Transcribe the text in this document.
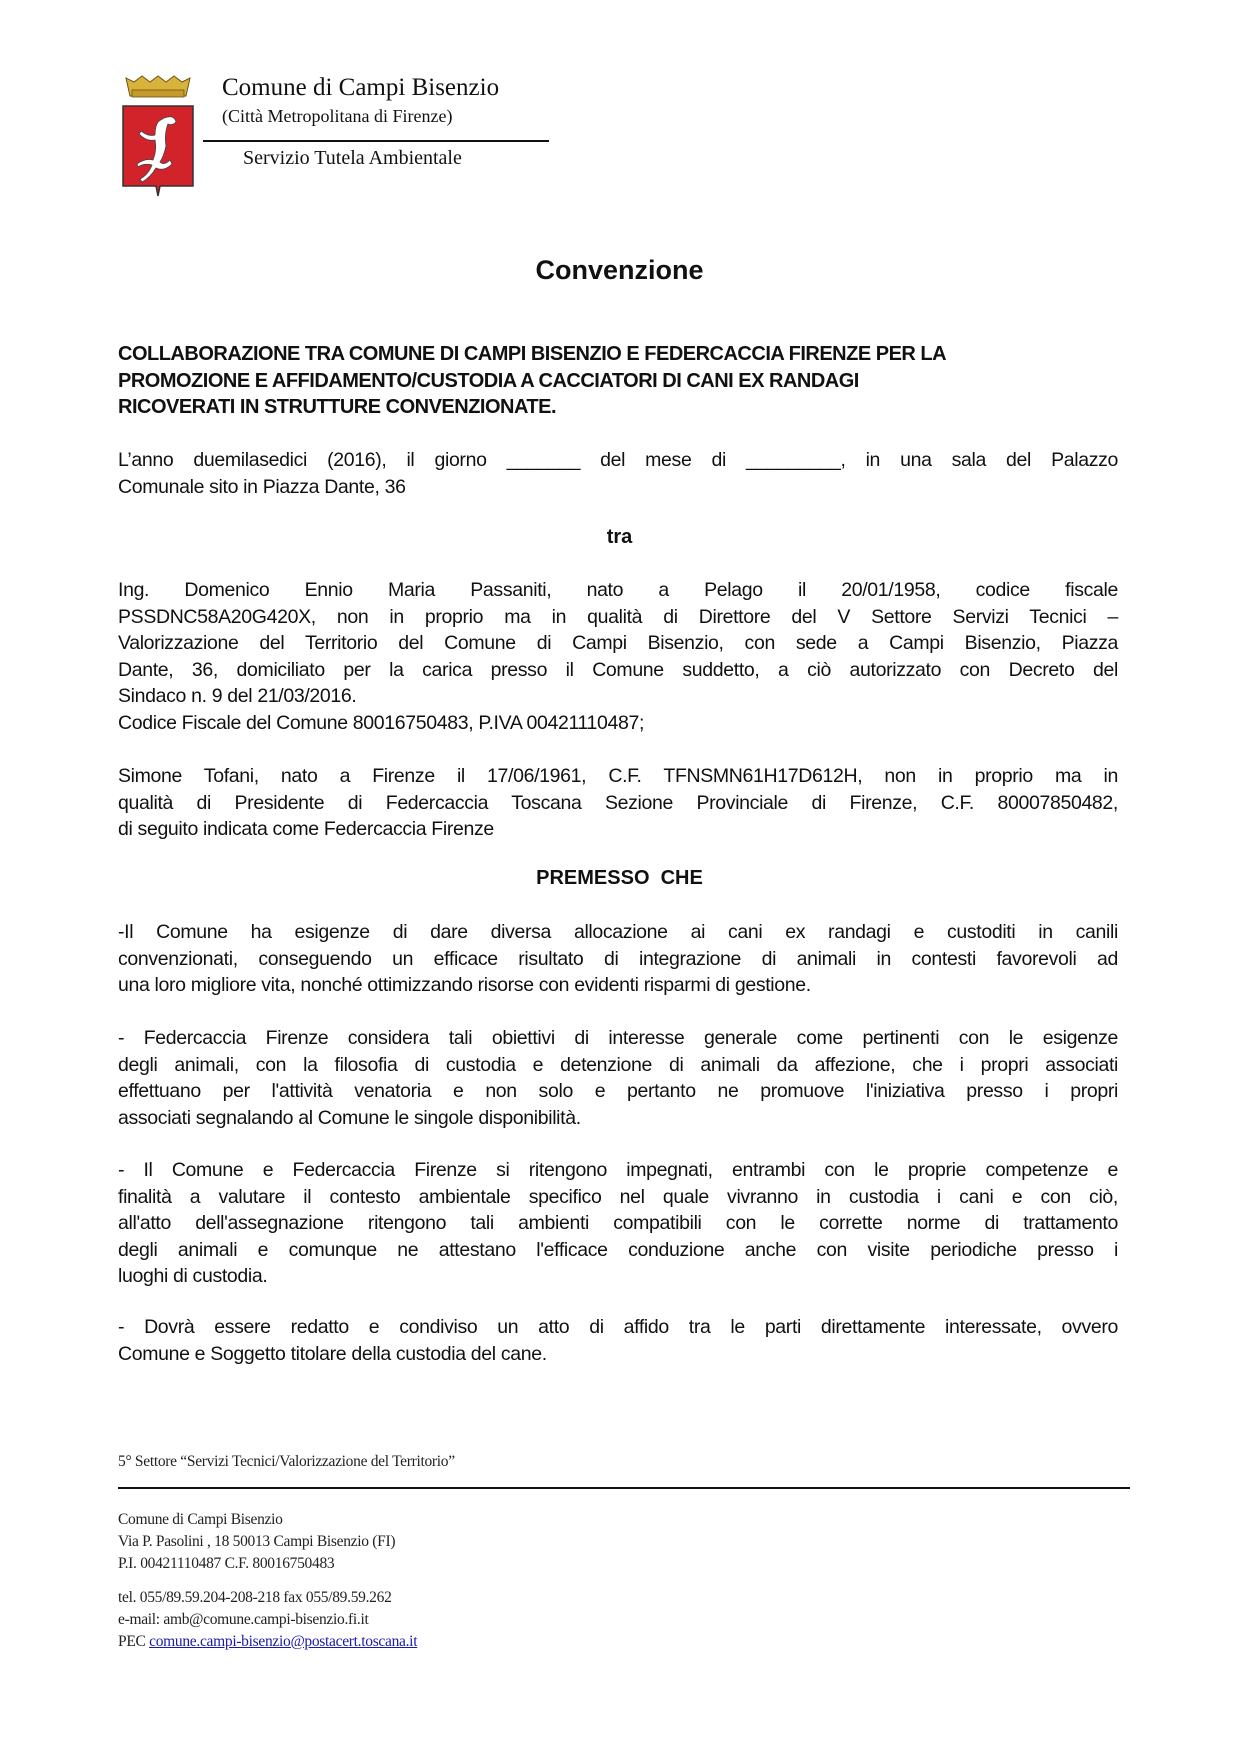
Comune di Campi Bisenzio
(Città Metropolitana di Firenze)
Servizio Tutela Ambientale
Convenzione
COLLABORAZIONE TRA COMUNE DI CAMPI BISENZIO E FEDERCACCIA FIRENZE PER LA
PROMOZIONE E AFFIDAMENTO/CUSTODIA A CACCIATORI DI CANI EX RANDAGI
RICOVERATI IN STRUTTURE CONVENZIONATE.
L’anno duemilasedici (2016), il giorno _______ del mese di _________, in una sala del Palazzo
Comunale sito in Piazza Dante, 36
tra
Ing. Domenico Ennio Maria Passaniti, nato a Pelago il 20/01/1958, codice fiscale
PSSDNC58A20G420X, non in proprio ma in qualità di Direttore del V Settore Servizi Tecnici –
Valorizzazione del Territorio del Comune di Campi Bisenzio, con sede a Campi Bisenzio, Piazza
Dante, 36, domiciliato per la carica presso il Comune suddetto, a ciò autorizzato con Decreto del
Sindaco n. 9 del 21/03/2016.
Codice Fiscale del Comune 80016750483, P.IVA 00421110487;
Simone Tofani, nato a Firenze il 17/06/1961, C.F. TFNSMN61H17D612H, non in proprio ma in
qualità di Presidente di Federcaccia Toscana Sezione Provinciale di Firenze, C.F. 80007850482,
di seguito indicata come Federcaccia Firenze
PREMESSO  CHE
-Il Comune ha esigenze di dare diversa allocazione ai cani ex randagi e custoditi in canili
convenzionati, conseguendo un efficace risultato di integrazione di animali in contesti favorevoli ad
una loro migliore vita, nonché ottimizzando risorse con evidenti risparmi di gestione.
- Federcaccia Firenze considera tali obiettivi di interesse generale come pertinenti con le esigenze
degli animali, con la filosofia di custodia e detenzione di animali da affezione, che i propri associati
effettuano per l'attività venatoria e non solo e pertanto ne promuove l'iniziativa presso i propri
associati segnalando al Comune le singole disponibilità.
- Il Comune e Federcaccia Firenze si ritengono impegnati, entrambi con le proprie competenze e
finalità a valutare il contesto ambientale specifico nel quale vivranno in custodia i cani e con ciò,
all'atto dell'assegnazione ritengono tali ambienti compatibili con le corrette norme di trattamento
degli animali e comunque ne attestano l'efficace conduzione anche con visite periodiche presso i
luoghi di custodia.
- Dovrà essere redatto e condiviso un atto di affido tra le parti direttamente interessate, ovvero
Comune e Soggetto titolare della custodia del cane.
5° Settore “Servizi Tecnici/Valorizzazione del Territorio”
Comune di Campi Bisenzio
Via P. Pasolini , 18 50013 Campi Bisenzio (FI)
P.I. 00421110487 C.F. 80016750483
tel. 055/89.59.204-208-218 fax 055/89.59.262
e-mail: amb@comune.campi-bisenzio.fi.it
PEC comune.campi-bisenzio@postacert.toscana.it
